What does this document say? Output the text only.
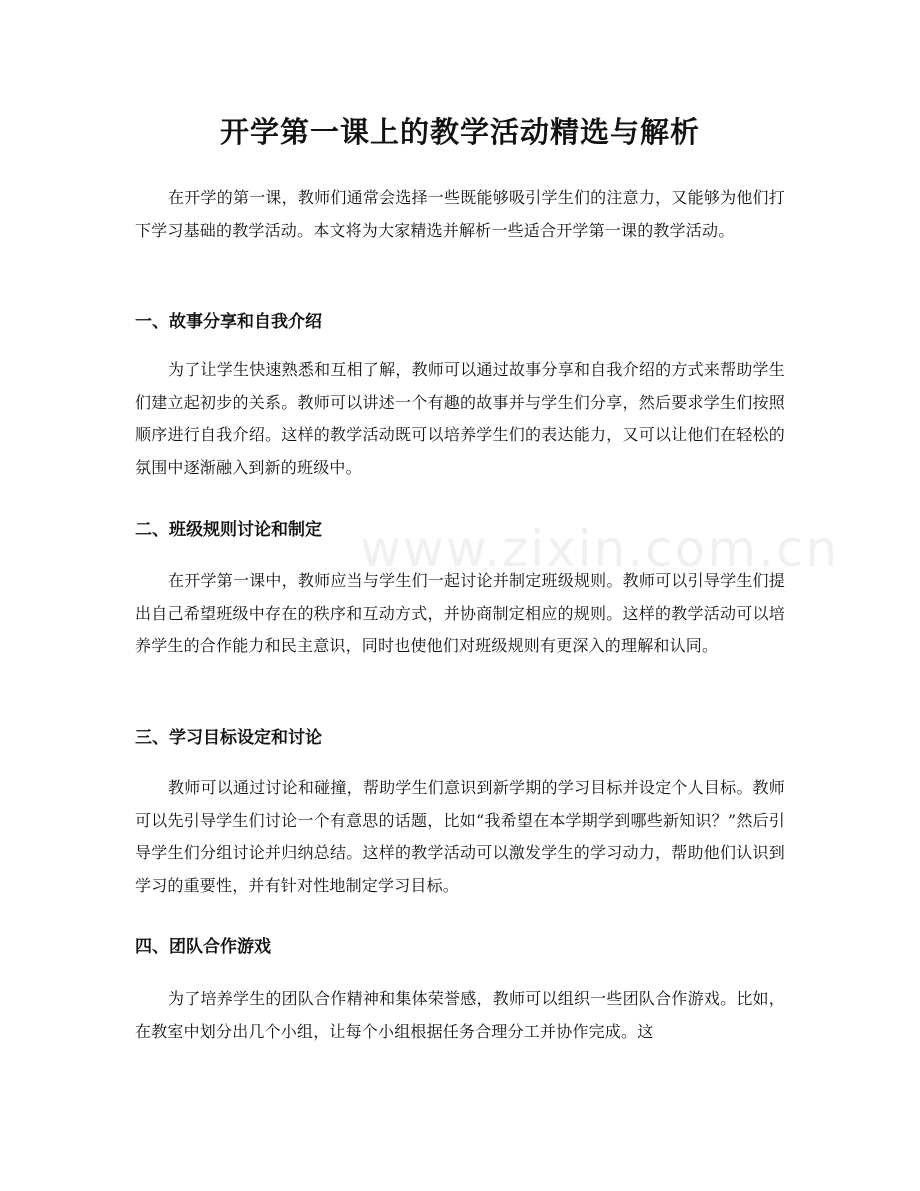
开学第一课上的教学活动精选与解析

在开学的第一课，教师们通常会选择一些既能够吸引学生们的注意力，又能够为他们打下学习基础的教学活动。本文将为大家精选并解析一些适合开学第一课的教学活动。

一、故事分享和自我介绍

为了让学生快速熟悉和互相了解，教师可以通过故事分享和自我介绍的方式来帮助学生们建立起初步的关系。教师可以讲述一个有趣的故事并与学生们分享，然后要求学生们按照顺序进行自我介绍。这样的教学活动既可以培养学生们的表达能力，又可以让他们在轻松的氛围中逐渐融入到新的班级中。

二、班级规则讨论和制定

在开学第一课中，教师应当与学生们一起讨论并制定班级规则。教师可以引导学生们提出自己希望班级中存在的秩序和互动方式，并协商制定相应的规则。这样的教学活动可以培养学生的合作能力和民主意识，同时也使他们对班级规则有更深入的理解和认同。

三、学习目标设定和讨论

教师可以通过讨论和碰撞，帮助学生们意识到新学期的学习目标并设定个人目标。教师可以先引导学生们讨论一个有意思的话题，比如“我希望在本学期学到哪些新知识？”然后引导学生们分组讨论并归纳总结。这样的教学活动可以激发学生的学习动力，帮助他们认识到学习的重要性，并有针对性地制定学习目标。

四、团队合作游戏

为了培养学生的团队合作精神和集体荣誉感，教师可以组织一些团队合作游戏。比如，在教室中划分出几个小组，让每个小组根据任务合理分工并协作完成。这

www.zixin.com.cn
